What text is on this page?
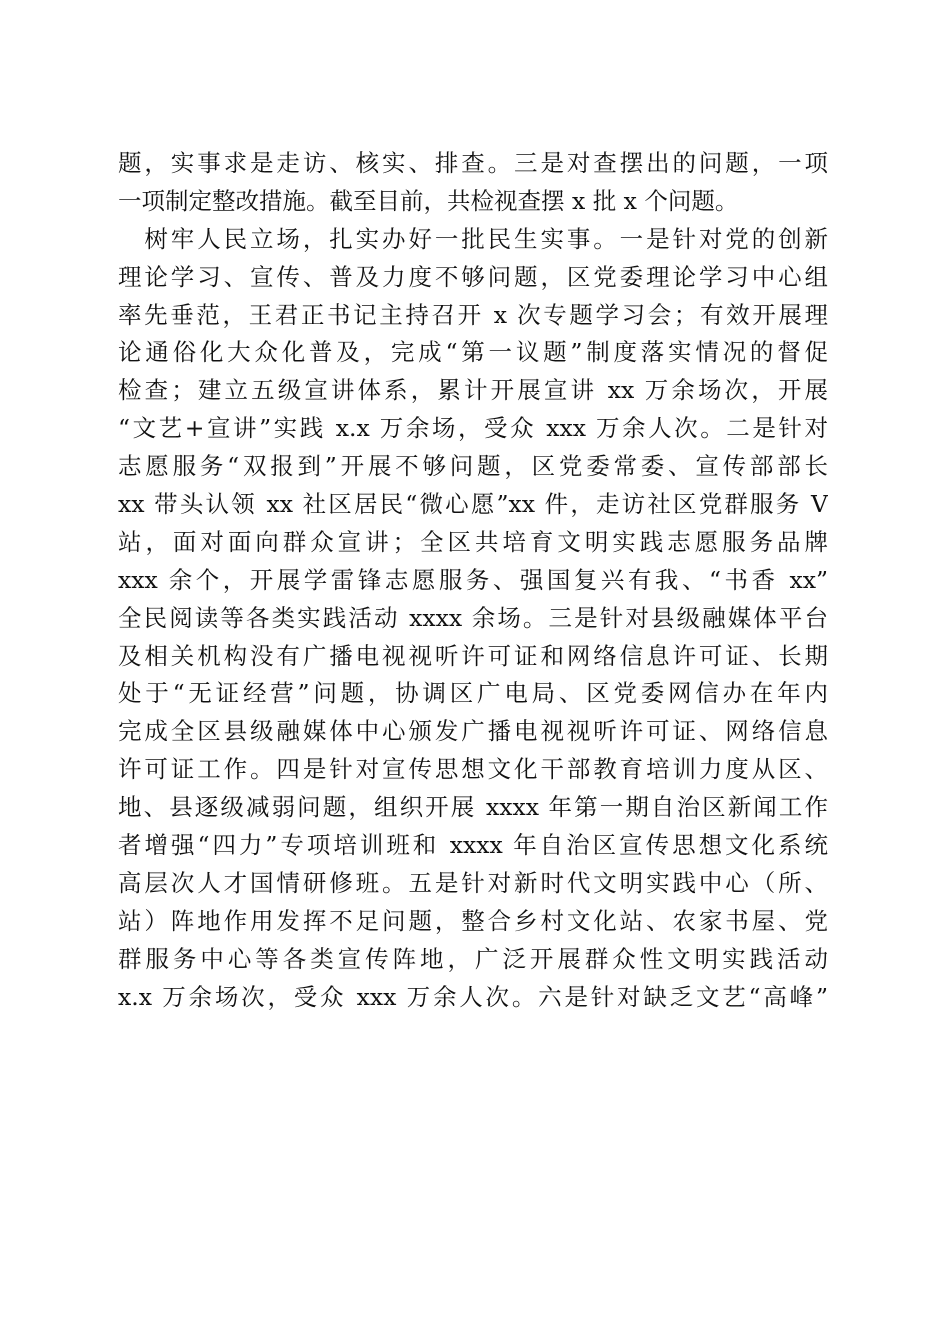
题，实事求是走访、核实、排查。三是对查摆出的问题，一项
一项制定整改措施。截至目前，共检视查摆 x 批 x 个问题。
　树牢人民立场，扎实办好一批民生实事。一是针对党的创新
理论学习、宣传、普及力度不够问题，区党委理论学习中心组
率先垂范，王君正书记主持召开 x 次专题学习会；有效开展理
论通俗化大众化普及，完成“第一议题”制度落实情况的督促
检查；建立五级宣讲体系，累计开展宣讲 xx 万余场次，开展
“文艺+宣讲”实践 x.x 万余场，受众 xxx 万余人次。二是针对
志愿服务“双报到”开展不够问题，区党委常委、宣传部部长
xx 带头认领 xx 社区居民“微心愿”xx 件，走访社区党群服务 V
站，面对面向群众宣讲；全区共培育文明实践志愿服务品牌
xxx 余个，开展学雷锋志愿服务、强国复兴有我、“书香 xx”
全民阅读等各类实践活动 xxxx 余场。三是针对县级融媒体平台
及相关机构没有广播电视视听许可证和网络信息许可证、长期
处于“无证经营”问题，协调区广电局、区党委网信办在年内
完成全区县级融媒体中心颁发广播电视视听许可证、网络信息
许可证工作。四是针对宣传思想文化干部教育培训力度从区、
地、县逐级减弱问题，组织开展 xxxx 年第一期自治区新闻工作
者增强“四力”专项培训班和 xxxx 年自治区宣传思想文化系统
高层次人才国情研修班。五是针对新时代文明实践中心（所、
站）阵地作用发挥不足问题，整合乡村文化站、农家书屋、党
群服务中心等各类宣传阵地，广泛开展群众性文明实践活动
x.x 万余场次，受众 xxx 万余人次。六是针对缺乏文艺“高峰”
